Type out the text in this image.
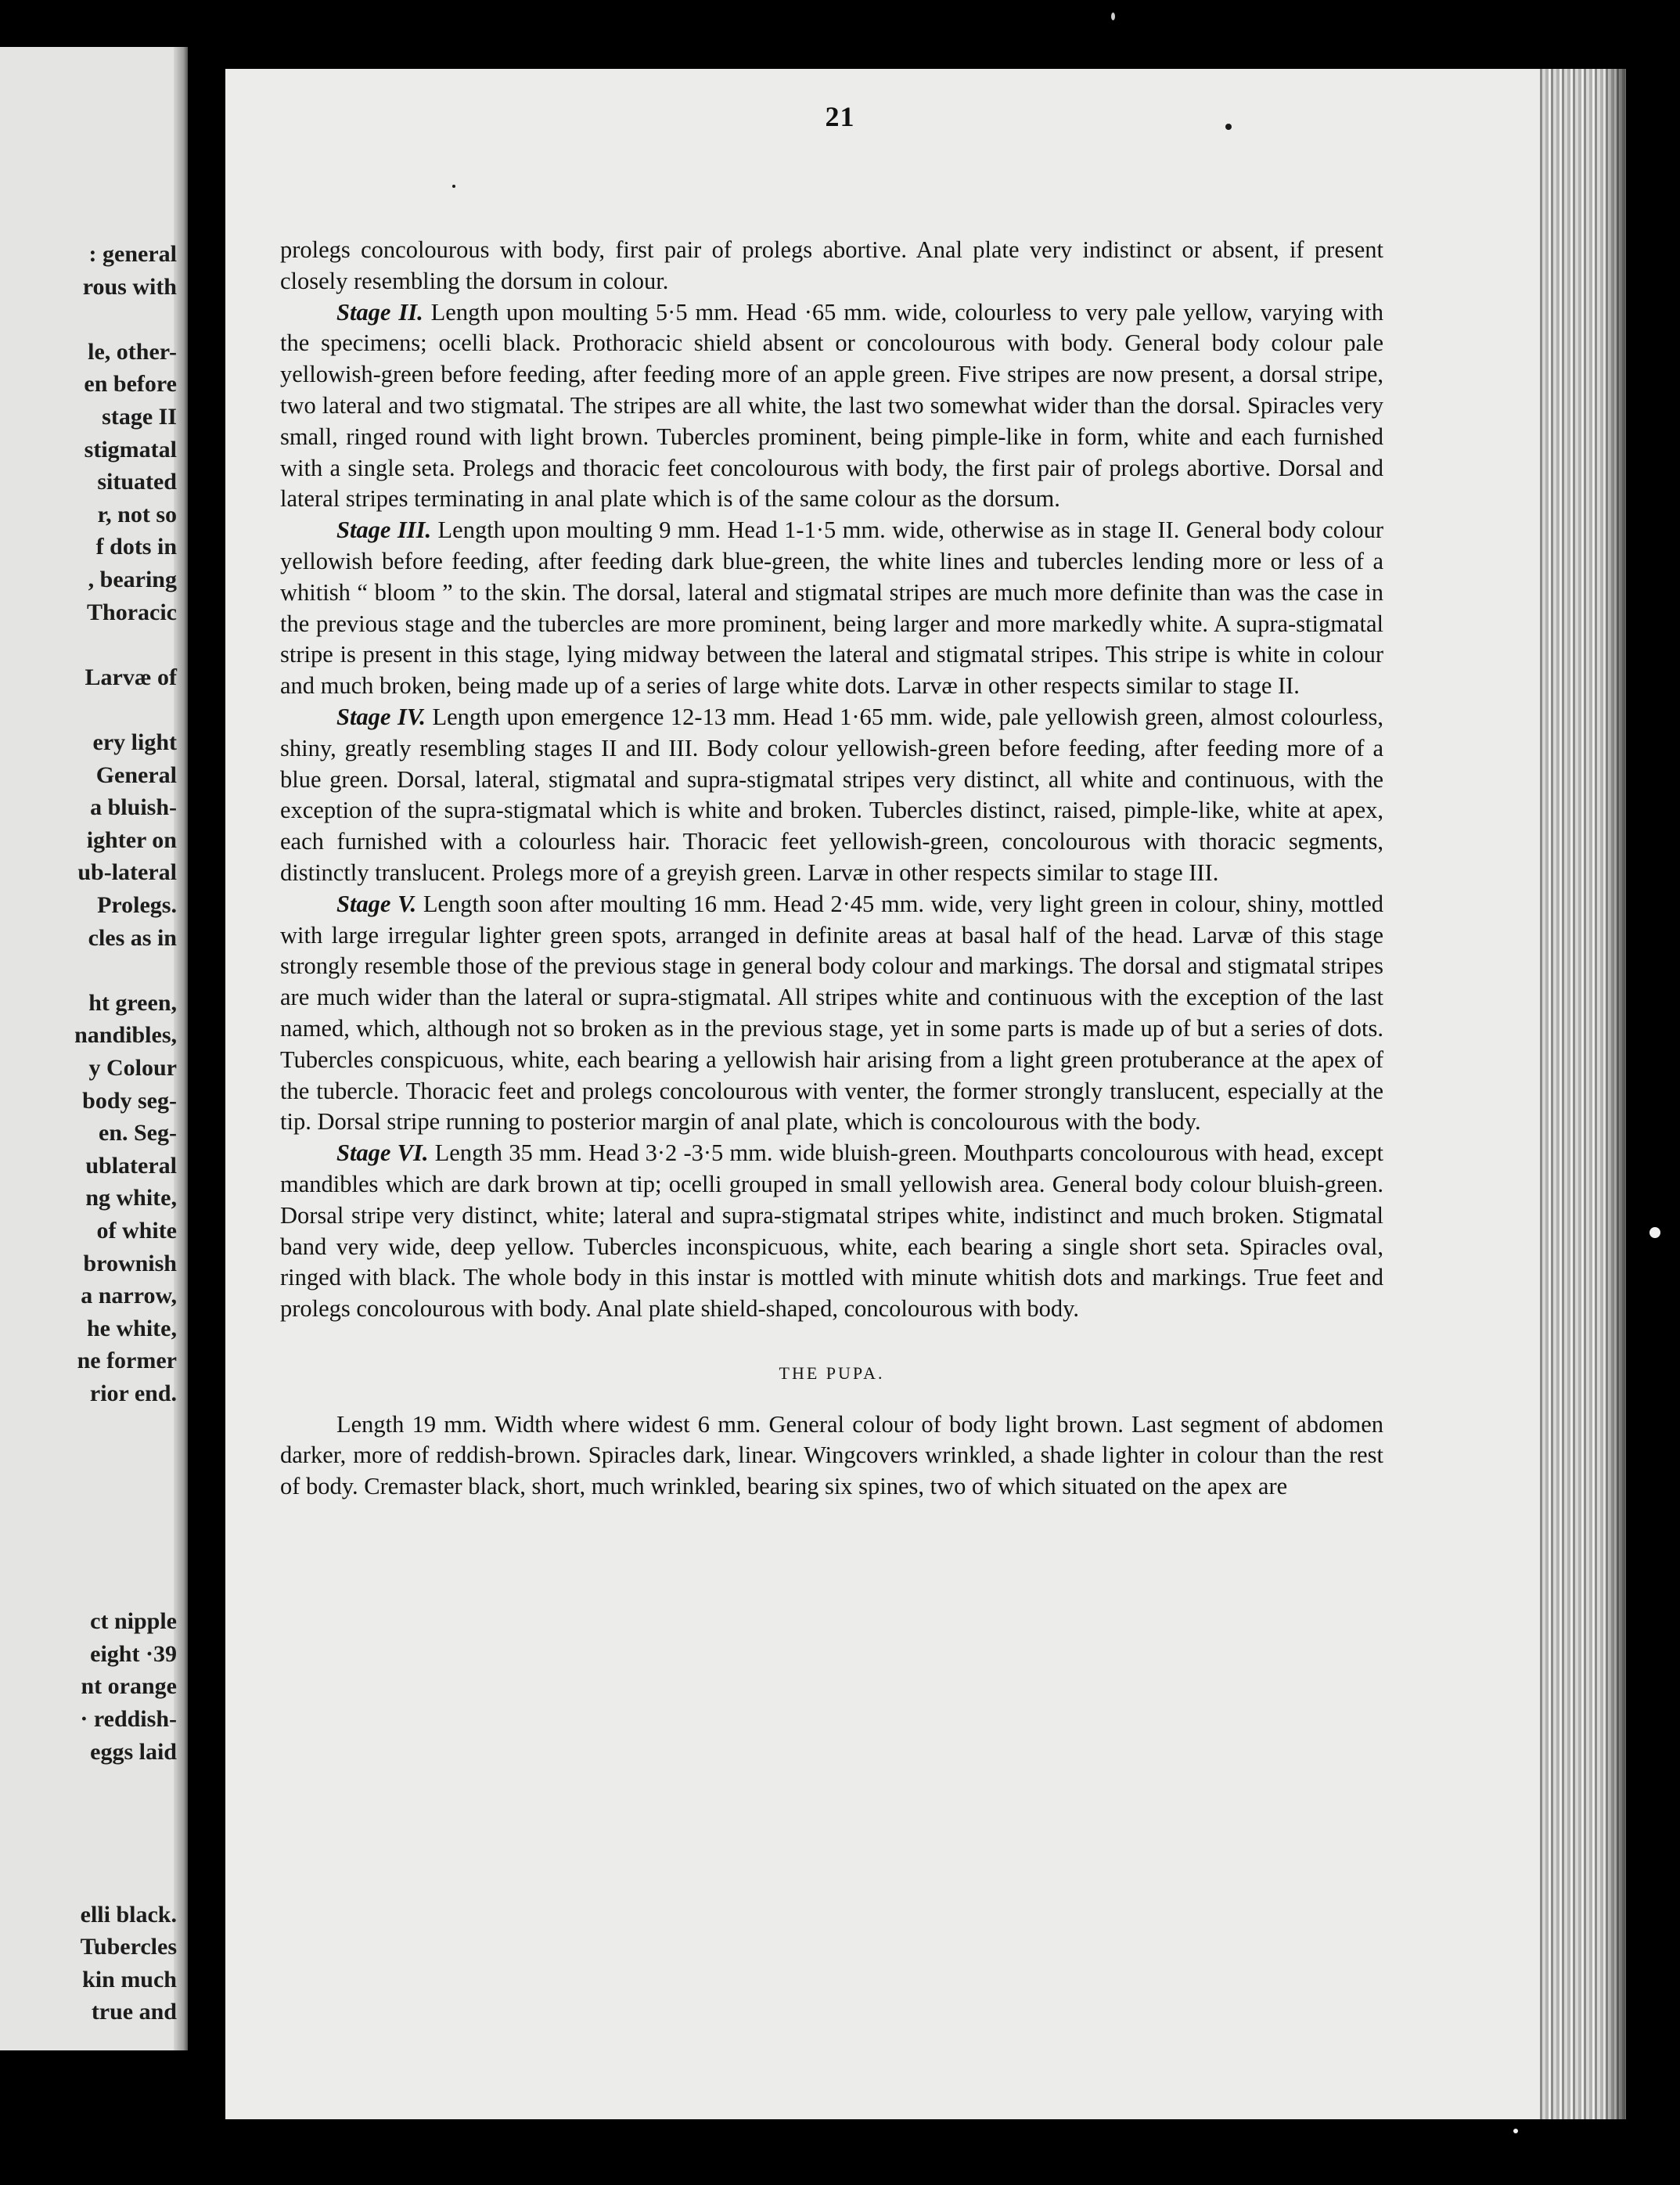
: general
rous with
le, other-
en before
stage II
stigmatal
situated
r, not so
f dots in
, bearing
Thoracic
Larvæ of
ery light
General
a bluish-
ighter on
ub-lateral
Prolegs.
cles as in
ht green,
nandibles,
y Colour
body seg-
en. Seg-
ublateral
ng white,
of white
brownish
a narrow,
he white,
ne former
rior end.
ct nipple
eight ·39
nt orange
· reddish-
eggs laid
elli black.
Tubercles
kin much
true and
21

prolegs concolourous with body, first pair of prolegs abortive. Anal plate very indistinct or absent, if present closely resembling the dorsum in colour.

Stage II. Length upon moulting 5·5 mm. Head ·65 mm. wide, colourless to very pale yellow, varying with the specimens; ocelli black. Prothoracic shield absent or concolourous with body. General body colour pale yellowish-green before feeding, after feeding more of an apple green. Five stripes are now present, a dorsal stripe, two lateral and two stigmatal. The stripes are all white, the last two somewhat wider than the dorsal. Spiracles very small, ringed round with light brown. Tubercles prominent, being pimple-like in form, white and each furnished with a single seta. Prolegs and thoracic feet concolourous with body, the first pair of prolegs abortive. Dorsal and lateral stripes terminating in anal plate which is of the same colour as the dorsum.

Stage III. Length upon moulting 9 mm. Head 1-1·5 mm. wide, otherwise as in stage II. General body colour yellowish before feeding, after feeding dark blue-green, the white lines and tubercles lending more or less of a whitish “ bloom ” to the skin. The dorsal, lateral and stigmatal stripes are much more definite than was the case in the previous stage and the tubercles are more prominent, being larger and more markedly white. A supra-stigmatal stripe is present in this stage, lying midway between the lateral and stigmatal stripes. This stripe is white in colour and much broken, being made up of a series of large white dots. Larvæ in other respects similar to stage II.

Stage IV. Length upon emergence 12-13 mm. Head 1·65 mm. wide, pale yellowish green, almost colourless, shiny, greatly resembling stages II and III. Body colour yellowish-green before feeding, after feeding more of a blue green. Dorsal, lateral, stigmatal and supra-stigmatal stripes very distinct, all white and continuous, with the exception of the supra-stigmatal which is white and broken. Tubercles distinct, raised, pimple-like, white at apex, each furnished with a colourless hair. Thoracic feet yellowish-green, concolourous with thoracic segments, distinctly translucent. Prolegs more of a greyish green. Larvæ in other respects similar to stage III.

Stage V. Length soon after moulting 16 mm. Head 2·45 mm. wide, very light green in colour, shiny, mottled with large irregular lighter green spots, arranged in definite areas at basal half of the head. Larvæ of this stage strongly resemble those of the previous stage in general body colour and markings. The dorsal and stigmatal stripes are much wider than the lateral or supra-stigmatal. All stripes white and continuous with the exception of the last named, which, although not so broken as in the previous stage, yet in some parts is made up of but a series of dots. Tubercles conspicuous, white, each bearing a yellowish hair arising from a light green protuberance at the apex of the tubercle. Thoracic feet and prolegs concolourous with venter, the former strongly translucent, especially at the tip. Dorsal stripe running to posterior margin of anal plate, which is concolourous with the body.

Stage VI. Length 35 mm. Head 3·2 -3·5 mm. wide bluish-green. Mouthparts concolourous with head, except mandibles which are dark brown at tip; ocelli grouped in small yellowish area. General body colour bluish-green. Dorsal stripe very distinct, white; lateral and supra-stigmatal stripes white, indistinct and much broken. Stigmatal band very wide, deep yellow. Tubercles inconspicuous, white, each bearing a single short seta. Spiracles oval, ringed with black. The whole body in this instar is mottled with minute whitish dots and markings. True feet and prolegs concolourous with body. Anal plate shield-shaped, concolourous with body.

THE PUPA.

Length 19 mm. Width where widest 6 mm. General colour of body light brown. Last segment of abdomen darker, more of reddish-brown. Spiracles dark, linear. Wingcovers wrinkled, a shade lighter in colour than the rest of body. Cremaster black, short, much wrinkled, bearing six spines, two of which situated on the apex are
